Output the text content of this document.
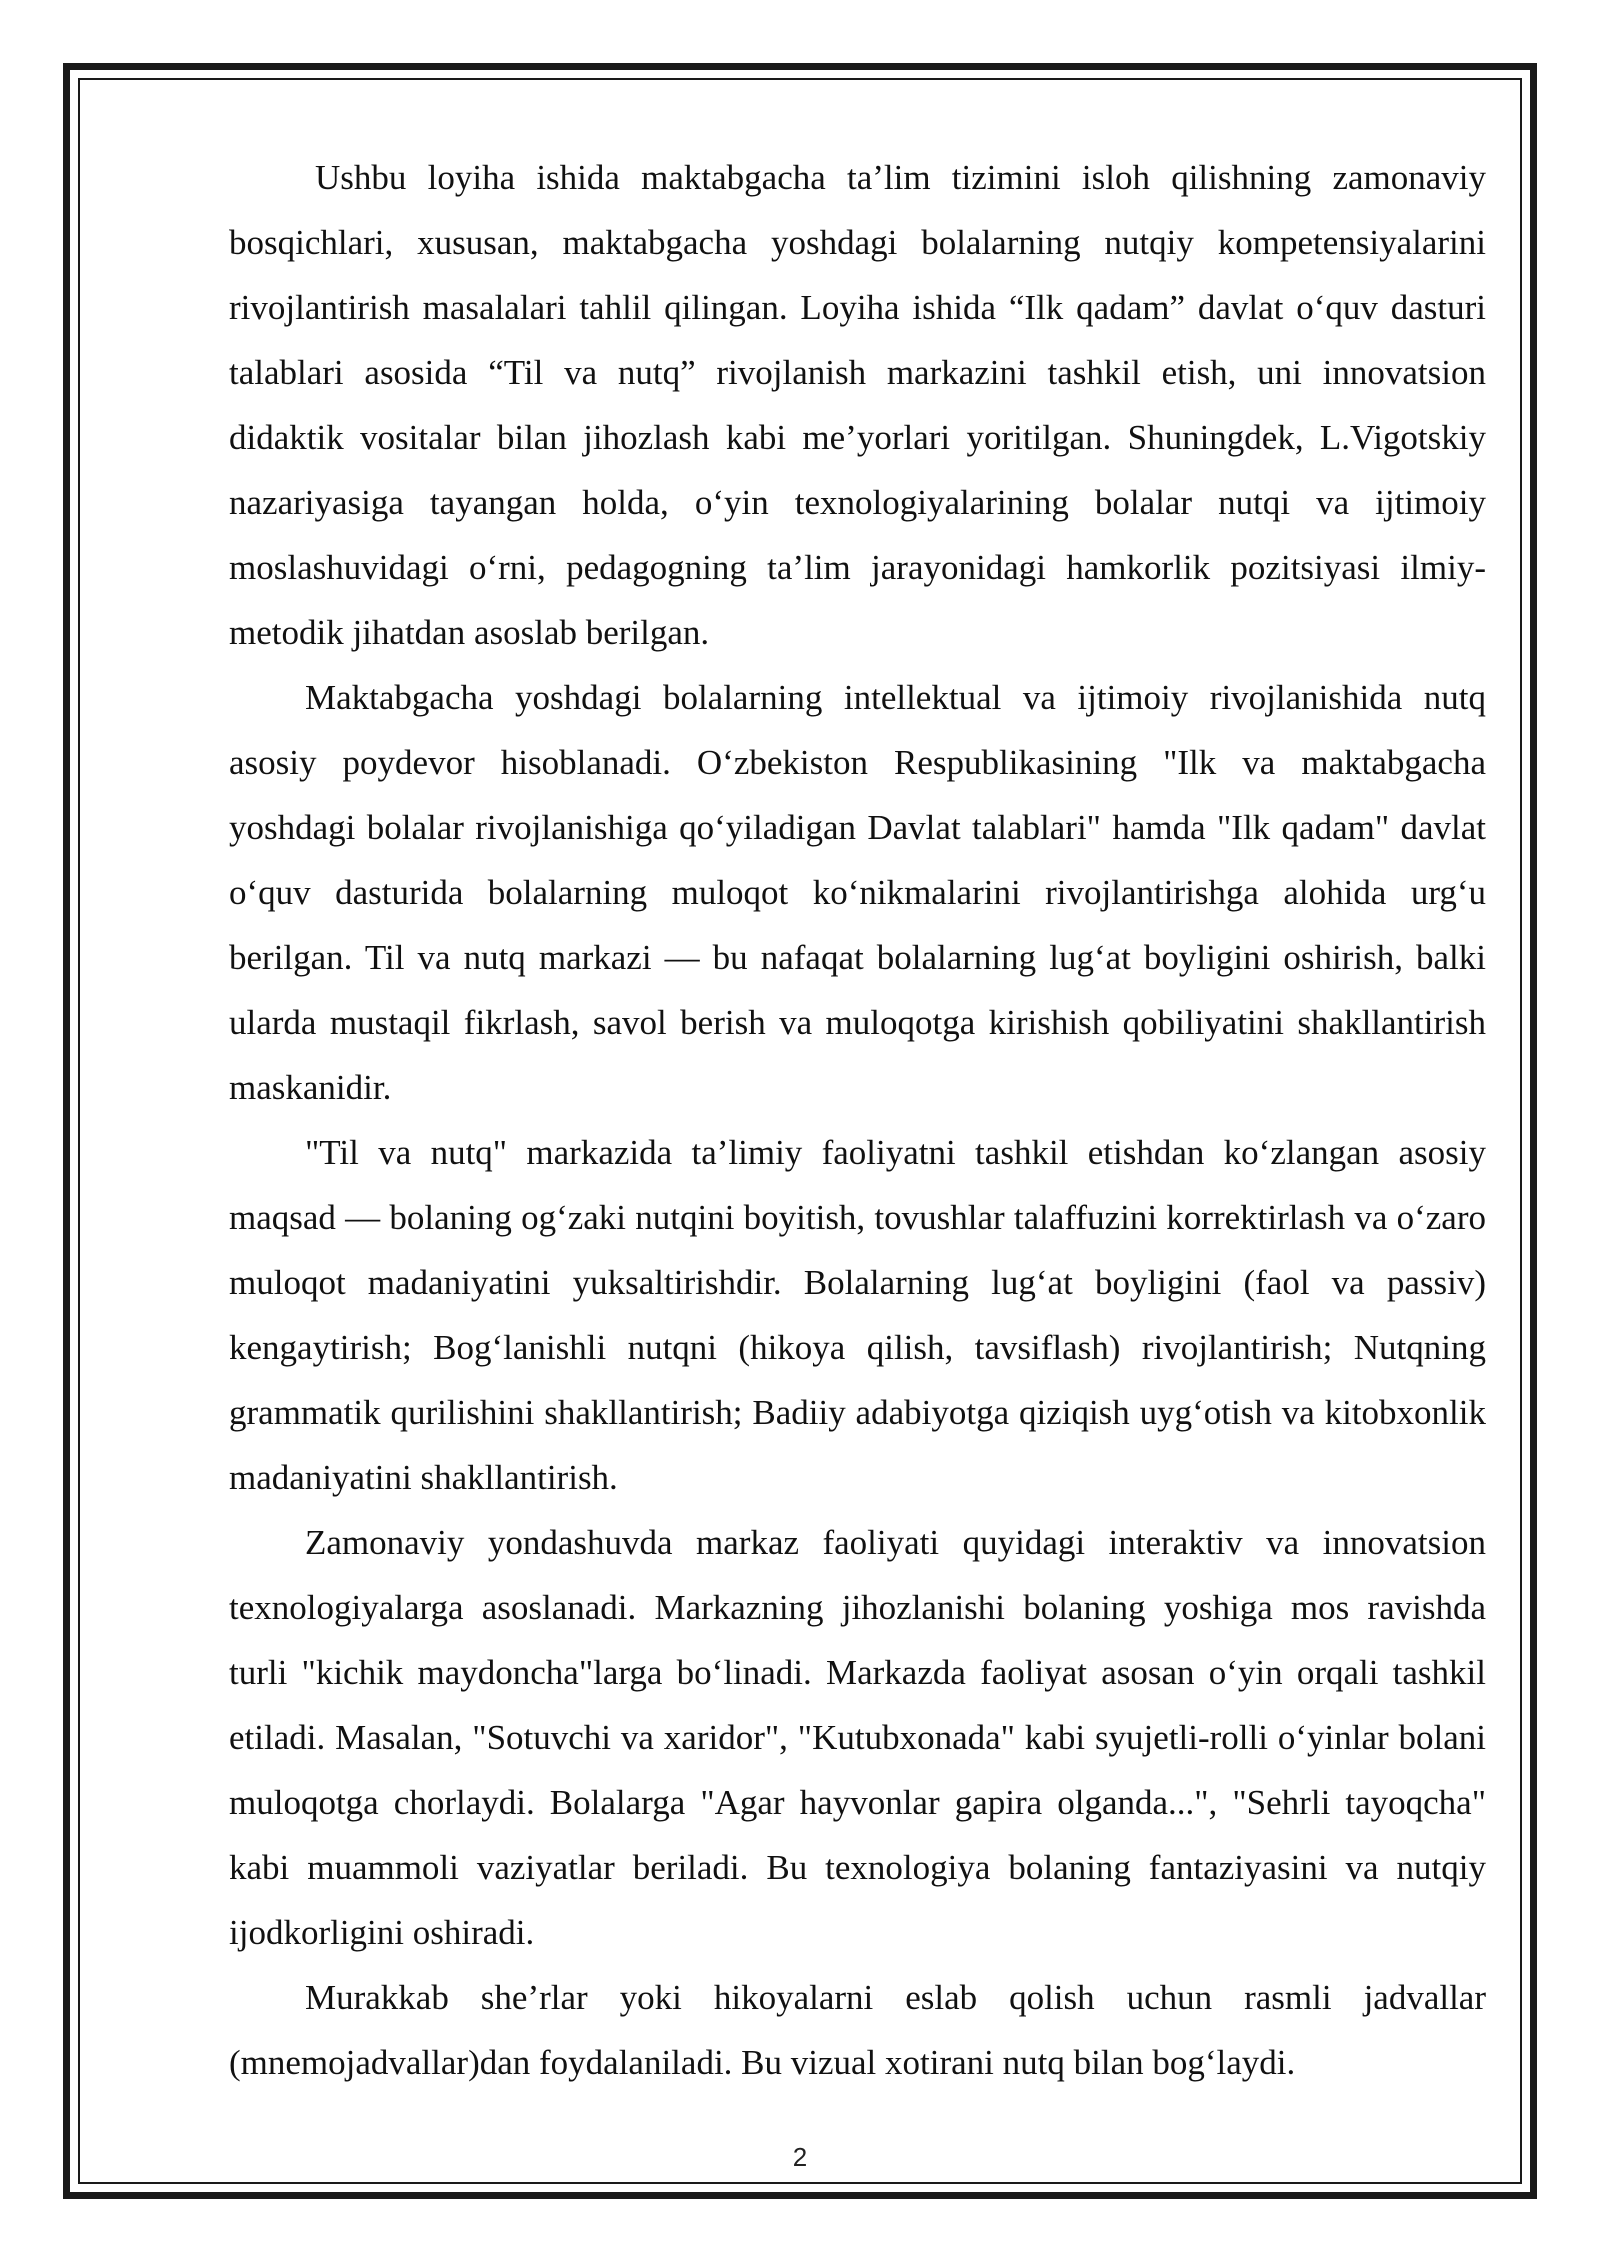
Ushbu loyiha ishida maktabgacha ta’lim tizimini isloh qilishning zamonaviy bosqichlari, xususan, maktabgacha yoshdagi bolalarning nutqiy kompetensiyalarini rivojlantirish masalalari tahlil qilingan. Loyiha ishida “Ilk qadam” davlat oʻquv dasturi talablari asosida “Til va nutq” rivojlanish markazini tashkil etish, uni innovatsion didaktik vositalar bilan jihozlash kabi me’yorlari yoritilgan. Shuningdek, L.Vigotskiy nazariyasiga tayangan holda, oʻyin texnologiyalarining bolalar nutqi va ijtimoiy moslashuvidagi oʻrni, pedagogning ta’lim jarayonidagi hamkorlik pozitsiyasi ilmiy-metodik jihatdan asoslab berilgan.

Maktabgacha yoshdagi bolalarning intellektual va ijtimoiy rivojlanishida nutq asosiy poydevor hisoblanadi. Oʻzbekiston Respublikasining "Ilk va maktabgacha yoshdagi bolalar rivojlanishiga qoʻyiladigan Davlat talablari" hamda "Ilk qadam" davlat oʻquv dasturida bolalarning muloqot koʻnikmalarini rivojlantirishga alohida urgʻu berilgan. Til va nutq markazi — bu nafaqat bolalarning lugʻat boyligini oshirish, balki ularda mustaqil fikrlash, savol berish va muloqotga kirishish qobiliyatini shakllantirish maskanidir.

"Til va nutq" markazida ta’limiy faoliyatni tashkil etishdan koʻzlangan asosiy maqsad — bolaning ogʻzaki nutqini boyitish, tovushlar talaffuzini korrektirlash va oʻzaro muloqot madaniyatini yuksaltirishdir. Bolalarning lugʻat boyligini (faol va passiv) kengaytirish; Bogʻlanishli nutqni (hikoya qilish, tavsiflash) rivojlantirish; Nutqning grammatik qurilishini shakllantirish; Badiiy adabiyotga qiziqish uygʻotish va kitobxonlik madaniyatini shakllantirish.

Zamonaviy yondashuvda markaz faoliyati quyidagi interaktiv va innovatsion texnologiyalarga asoslanadi. Markazning jihozlanishi bolaning yoshiga mos ravishda turli "kichik maydoncha"larga boʻlinadi. Markazda faoliyat asosan oʻyin orqali tashkil etiladi. Masalan, "Sotuvchi va xaridor", "Kutubxonada" kabi syujetli-rolli oʻyinlar bolani muloqotga chorlaydi. Bolalarga "Agar hayvonlar gapira olganda...", "Sehrli tayoqcha" kabi muammoli vaziyatlar beriladi. Bu texnologiya bolaning fantaziyasini va nutqiy ijodkorligini oshiradi.

Murakkab she’rlar yoki hikoyalarni eslab qolish uchun rasmli jadvallar (mnemojadvallar)dan foydalaniladi. Bu vizual xotirani nutq bilan bogʻlaydi.

2
